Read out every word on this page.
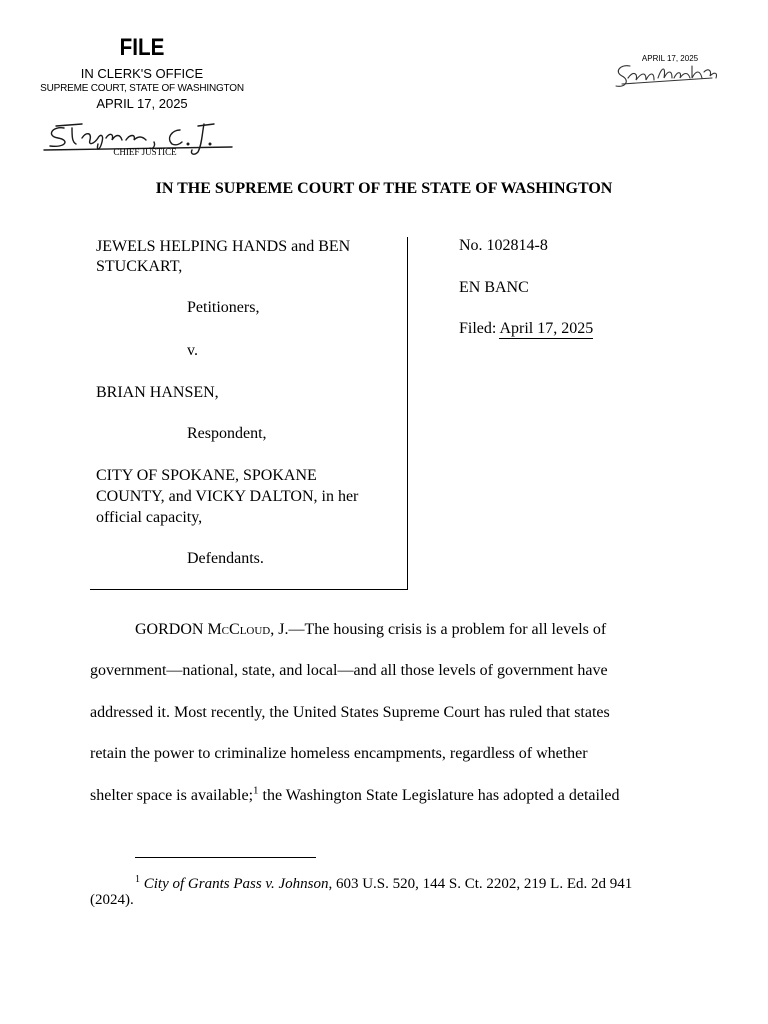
FILE
IN CLERK'S OFFICE
SUPREME COURT, STATE OF WASHINGTON
APRIL 17, 2025
CHIEF JUSTICE
APRIL 17, 2025
IN THE SUPREME COURT OF THE STATE OF WASHINGTON
JEWELS HELPING HANDS and BEN
STUCKART,
Petitioners,
v.
BRIAN HANSEN,
Respondent,
CITY OF SPOKANE, SPOKANE
COUNTY, and VICKY DALTON, in her
official capacity,
Defendants.
No. 102814-8
EN BANC
Filed: April 17, 2025
GORDON McCloud, J.—The housing crisis is a problem for all levels of
government—national, state, and local—and all those levels of government have
addressed it. Most recently, the United States Supreme Court has ruled that states
retain the power to criminalize homeless encampments, regardless of whether
shelter space is available;$^1$ the Washington State Legislature has adopted a detailed
$^1$ City of Grants Pass v. Johnson, 603 U.S. 520, 144 S. Ct. 2202, 219 L. Ed. 2d 941
(2024).
